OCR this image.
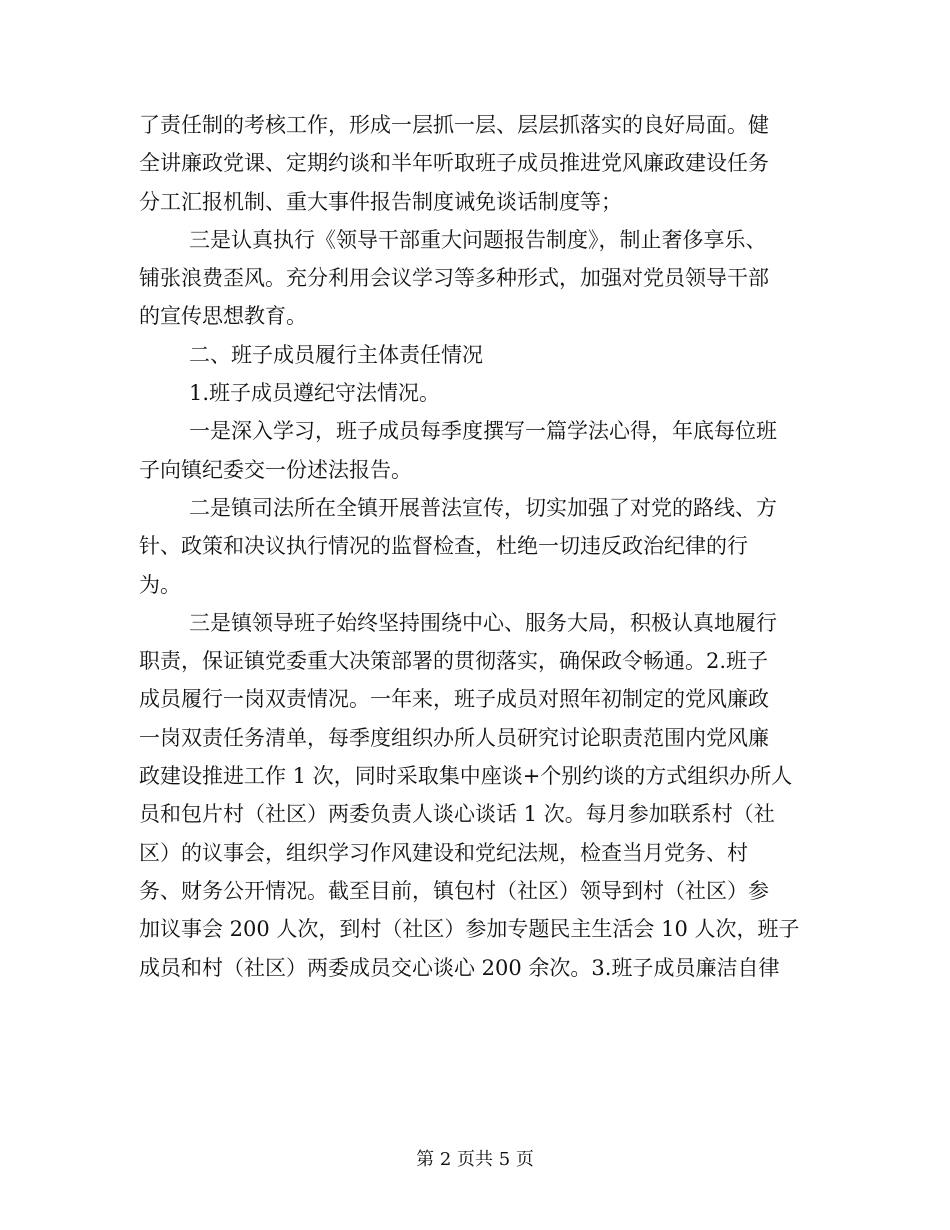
了责任制的考核工作，形成一层抓一层、层层抓落实的良好局面。健
全讲廉政党课、定期约谈和半年听取班子成员推进党风廉政建设任务
分工汇报机制、重大事件报告制度诫免谈话制度等；
三是认真执行《领导干部重大问题报告制度》，制止奢侈享乐、
铺张浪费歪风。充分利用会议学习等多种形式，加强对党员领导干部
的宣传思想教育。
二、班子成员履行主体责任情况
1.班子成员遵纪守法情况。
一是深入学习，班子成员每季度撰写一篇学法心得，年底每位班
子向镇纪委交一份述法报告。
二是镇司法所在全镇开展普法宣传，切实加强了对党的路线、方
针、政策和决议执行情况的监督检查，杜绝一切违反政治纪律的行
为。
三是镇领导班子始终坚持围绕中心、服务大局，积极认真地履行
职责，保证镇党委重大决策部署的贯彻落实，确保政令畅通。2.班子
成员履行一岗双责情况。一年来，班子成员对照年初制定的党风廉政
一岗双责任务清单，每季度组织办所人员研究讨论职责范围内党风廉
政建设推进工作 1 次，同时采取集中座谈+个别约谈的方式组织办所人
员和包片村（社区）两委负责人谈心谈话 1 次。每月参加联系村（社
区）的议事会，组织学习作风建设和党纪法规，检查当月党务、村
务、财务公开情况。截至目前，镇包村（社区）领导到村（社区）参
加议事会 200 人次，到村（社区）参加专题民主生活会 10 人次，班子
成员和村（社区）两委成员交心谈心 200 余次。3.班子成员廉洁自律
第 2 页共 5 页
